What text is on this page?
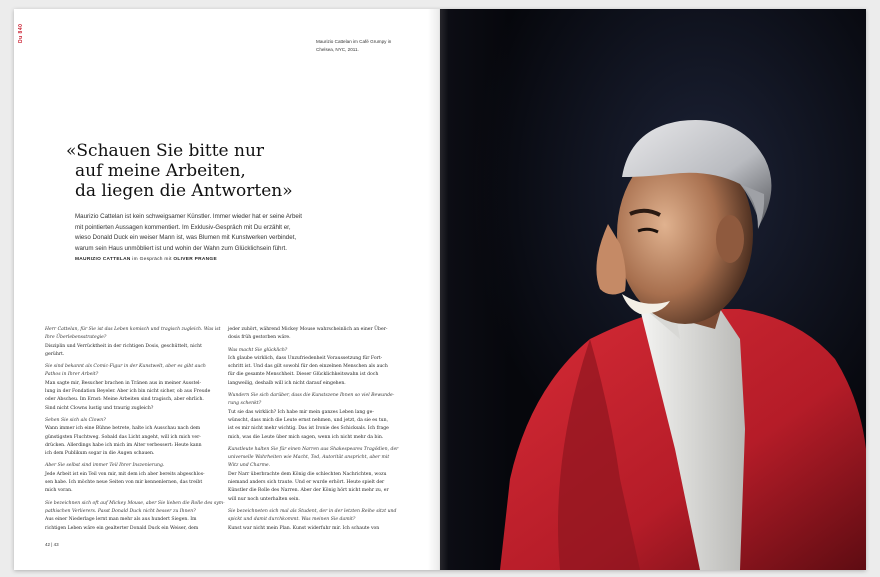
Du 840
«Schauen Sie bitte nur
auf meine Arbeiten,
da liegen die Antworten»
Maurizio Cattelan ist kein schweigsamer Künstler. Immer wieder hat er seine Arbeit
mit pointierten Aussagen kommentiert. Im Exklusiv-Gespräch mit Du erzählt er,
wieso Donald Duck ein weiser Mann ist, was Blumen mit Kunstwerken verbindet,
warum sein Haus unmöbliert ist und wohin der Wahn zum Glücklichsein führt.
MAURIZIO CATTELAN im Gespräch mit OLIVER PRANGE
Herr Cattelan, für Sie ist das Leben komisch und tragisch zugleich. Was ist
Ihre Überlebensstrategie?
Disziplin und Verrücktheit in der richtigen Dosis, geschüttelt, nicht
gerührt.
Sie sind bekannt als Comic-Figur in der Kunstwelt, aber es gibt auch
Pathos in Ihrer Arbeit?
Man sagte mir, Besucher brachen in Tränen aus in meiner Ausstel-
lung in der Fondation Beyeler. Aber ich bin nicht sicher, ob aus Freude
oder Abscheu. Im Ernst: Meine Arbeiten sind tragisch, aber ehrlich.
Sind nicht Clowns lustig und traurig zugleich?
Sehen Sie sich als Clown?
Wann immer ich eine Bühne betrete, halte ich Ausschau nach dem
günstigsten Fluchtweg. Sobald das Licht angeht, will ich mich ver-
drücken. Allerdings habe ich mich im Alter verbessert: Heute kann
ich dem Publikum sogar in die Augen schauen.
Aber Sie selbst sind immer Teil Ihrer Inszenierung.
Jede Arbeit ist ein Teil von mir, mit dem ich aber bereits abgeschlos-
sen habe. Ich möchte neue Seiten von mir kennenlernen, das treibt
mich voran.
Sie bezeichnen sich oft auf Mickey Mouse, aber Sie lieben die Rolle des sym-
pathischen Verlierers. Passt Donald Duck nicht besser zu Ihnen?
Aus einer Niederlage lernt man mehr als aus hundert Siegen. Im
richtigen Leben wäre ein gealterter Donald Duck ein Weiser, dem
jeder zuhört, während Mickey Mouse wahrscheinlich an einer Über-
dosis früh gestorben wäre.
Was macht Sie glücklich?
Ich glaube wirklich, dass Unzufriedenheit Voraussetzung für Fort-
schritt ist. Und das gilt sowohl für den einzelnen Menschen als auch
für die gesamte Menschheit. Dieser Glücklichkeitswahn ist doch
langweilig, deshalb will ich nicht darauf eingehen.
Wundern Sie sich darüber, dass die Kunstszene Ihnen so viel Bewunde-
rung schenkt?
Tut sie das wirklich? Ich habe mir mein ganzes Leben lang ge-
wünscht, dass mich die Leute ernst nehmen, und jetzt, da sie es tun,
ist es mir nicht mehr wichtig. Das ist Ironie des Schicksals. Ich frage
mich, was die Leute über mich sagen, wenn ich nicht mehr da bin.
Kunstleute halten Sie für einen Narren aus Shakespeares Tragödien, der
universelle Wahrheiten wie Macht, Tod, Autorität anspricht, aber mit
Witz und Charme.
Der Narr überbrachte dem König die schlechten Nachrichten, wozu
niemand anders sich traute. Und er wurde erhört. Heute spielt der
Künstler die Rolle des Narren. Aber der König hört nicht mehr zu, er
will nur noch unterhalten sein.
Sie bezeichneten sich mal als Student, der in der letzten Reihe sitzt und
spickt und damit durchkommt. Was meinen Sie damit?
Kunst war nicht mein Plan. Kunst widerfuhr mir. Ich schaute von
42 | 43
Maurizio Cattelan im Café Grumpy in
Chelsea, NYC, 2011.
